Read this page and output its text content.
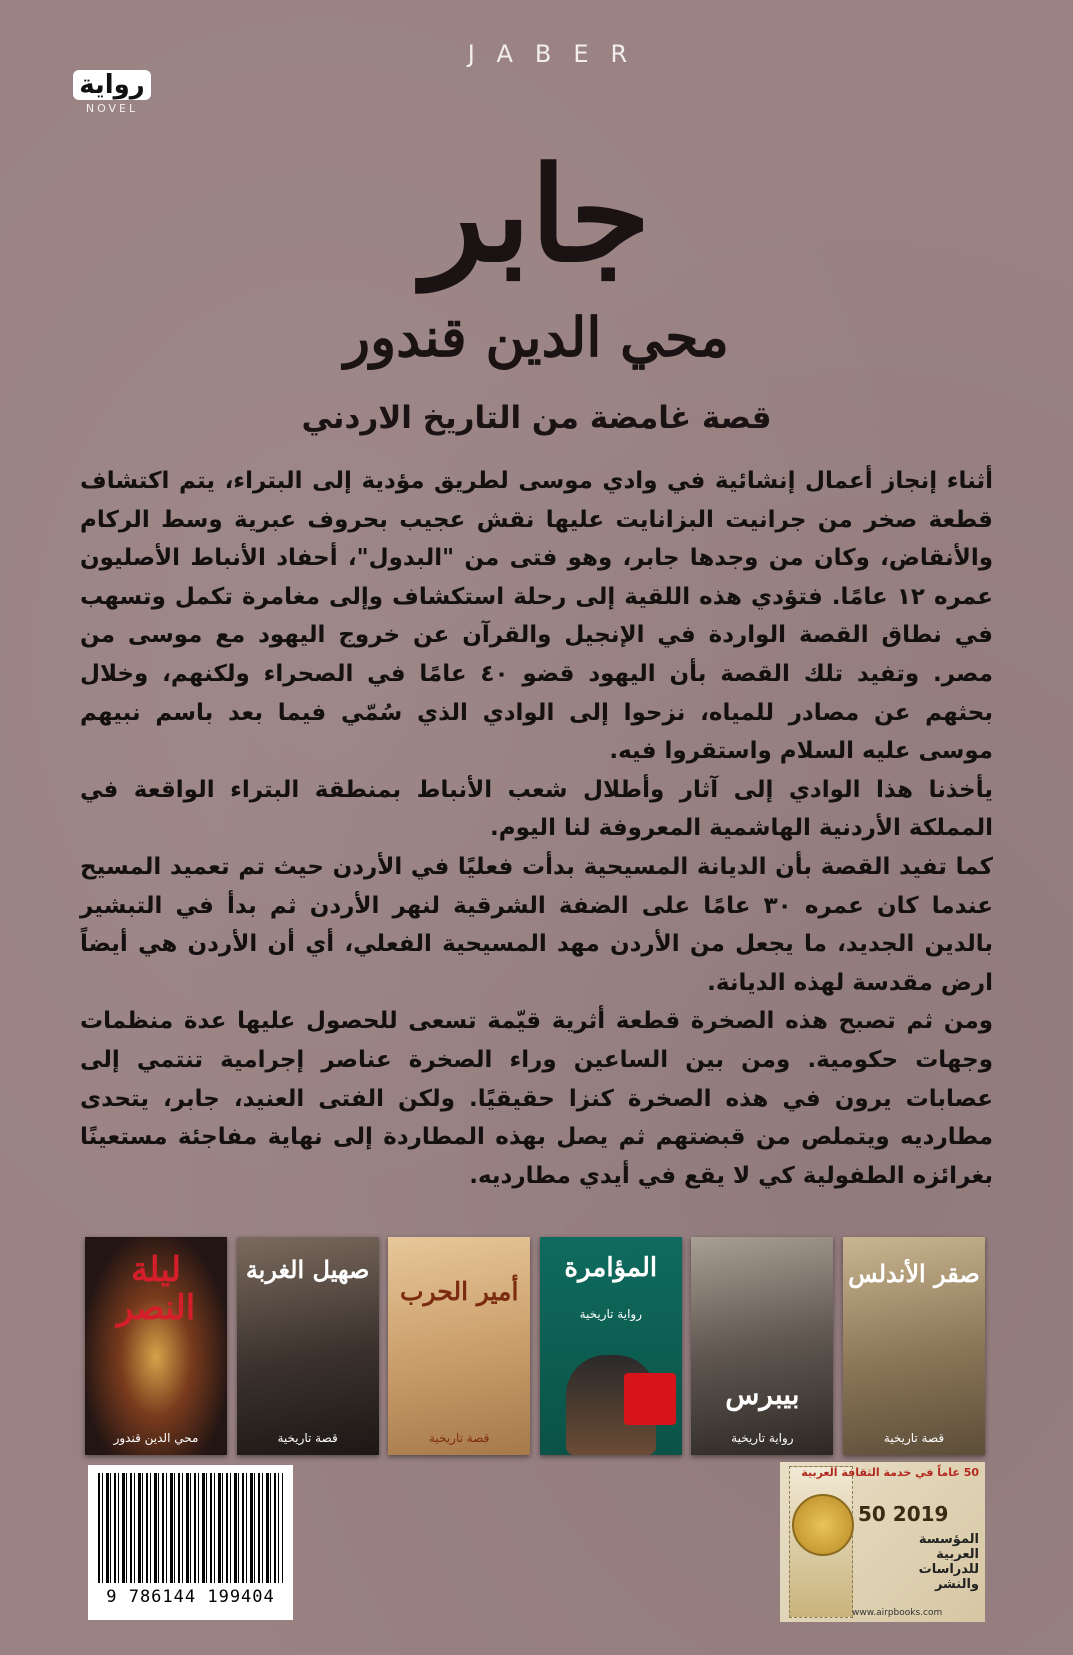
JABER
رواية
NOVEL
جابر
محي الدين قندور
قصة غامضة من التاريخ الاردني

أثناء إنجاز أعمال إنشائية في وادي موسى لطريق مؤدية إلى البتراء، يتم اكتشاف قطعة صخر من جرانيت البزانايت عليها نقش عجيب بحروف عبرية وسط الركام والأنقاض، وكان من وجدها جابر، وهو فتى من "البدول"، أحفاد الأنباط الأصليون عمره ١٢ عامًا. فتؤدي هذه اللقية إلى رحلة استكشاف وإلى مغامرة تكمل وتسهب في نطاق القصة الواردة في الإنجيل والقرآن عن خروج اليهود مع موسى من مصر. وتفيد تلك القصة بأن اليهود قضو ٤٠ عامًا في الصحراء ولكنهم، وخلال بحثهم عن مصادر للمياه، نزحوا إلى الوادي الذي سُمّي فيما بعد باسم نبيهم موسى عليه السلام واستقروا فيه.

يأخذنا هذا الوادي إلى آثار وأطلال شعب الأنباط بمنطقة البتراء الواقعة في المملكة الأردنية الهاشمية المعروفة لنا اليوم.

كما تفيد القصة بأن الديانة المسيحية بدأت فعليًا في الأردن حيث تم تعميد المسيح عندما كان عمره ٣٠ عامًا على الضفة الشرقية لنهر الأردن ثم بدأ في التبشير بالدين الجديد، ما يجعل من الأردن مهد المسيحية الفعلي، أي أن الأردن هي أيضاً ارض مقدسة لهذه الديانة.

ومن ثم تصبح هذه الصخرة قطعة أثرية قيّمة تسعى للحصول عليها عدة منظمات وجهات حكومية. ومن بين الساعين وراء الصخرة عناصر إجرامية تنتمي إلى عصابات يرون في هذه الصخرة كنزا حقيقيًا. ولكن الفتى العنيد، جابر، يتحدى مطارديه ويتملص من قبضتهم ثم يصل بهذه المطاردة إلى نهاية مفاجئة مستعينًا بغرائزه الطفولية كي لا يقع في أيدي مطارديه.

صقر الأندلس
قصة تاريخية
بيبرس
رواية تاريخية
المؤامرة
رواية تاريخية
أمير الحرب
قصة تاريخية
صهيل الغربة
قصة تاريخية
ليلة النصر
محي الدين قندور
9 786144 199404
50 عاماً في خدمة الثقافة العربية
50 2019
المؤسسة العربية للدراسات والنشر
www.airpbooks.com
